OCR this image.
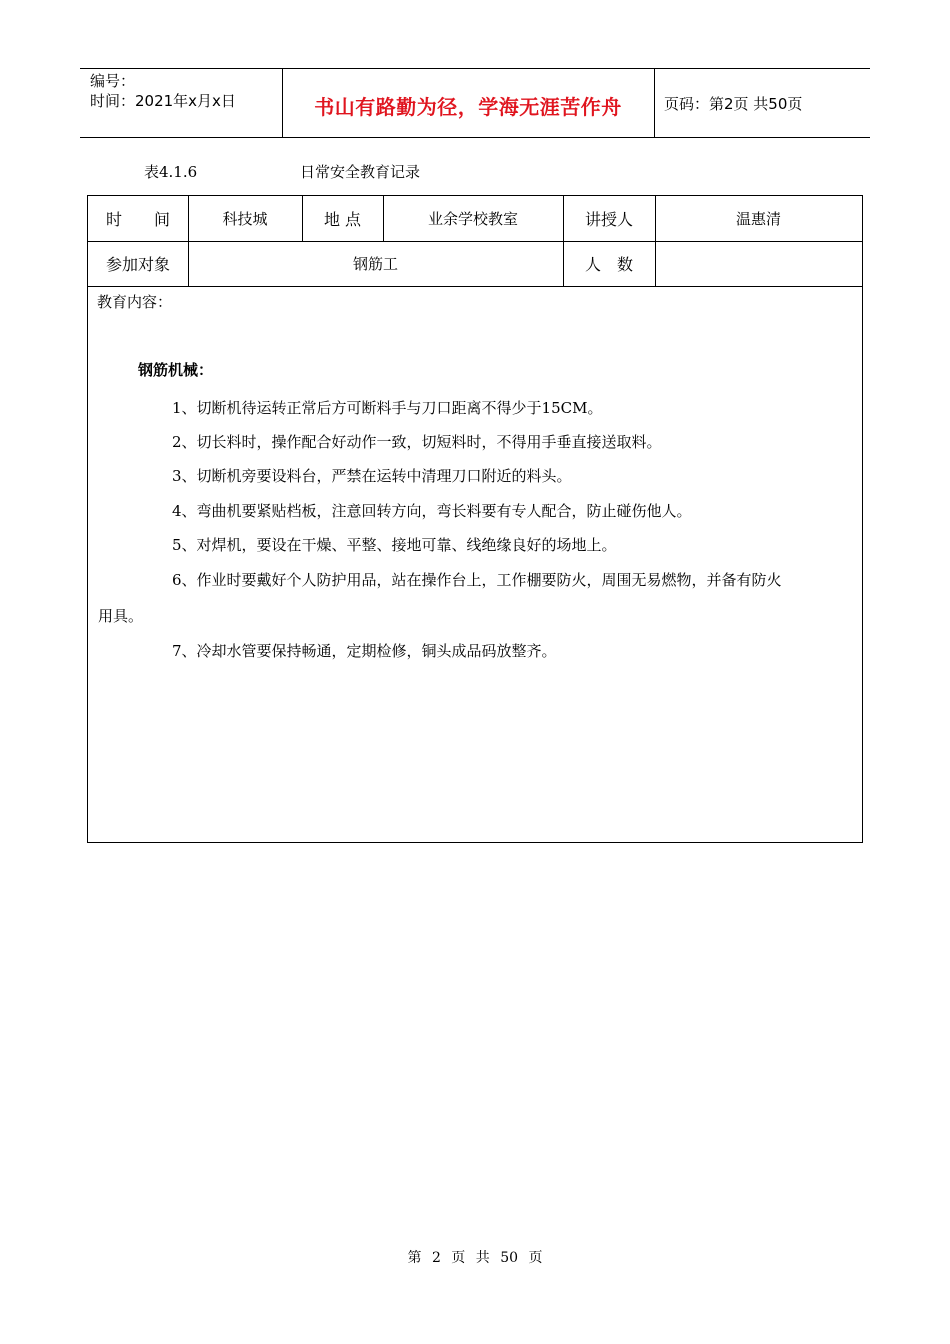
编号：
时间：2021年x月x日	书山有路勤为径，学海无涯苦作舟	页码：第2页 共50页
表4.1.6	日常安全教育记录
时　　间	科技城	地 点	业余学校教室	讲授人	温惠清
参加对象	钢筋工	人　数
教育内容：
钢筋机械：
1、切断机待运转正常后方可断料手与刀口距离不得少于15CM。
2、切长料时，操作配合好动作一致，切短料时，不得用手垂直接送取料。
3、切断机旁要设料台，严禁在运转中清理刀口附近的料头。
4、弯曲机要紧贴档板，注意回转方向，弯长料要有专人配合，防止碰伤他人。
5、对焊机，要设在干燥、平整、接地可靠、线绝缘良好的场地上。
6、作业时要戴好个人防护用品，站在操作台上，工作棚要防火，周围无易燃物，并备有防火
用具。
7、冷却水管要保持畅通，定期检修，铜头成品码放整齐。
第 2 页 共 50 页
